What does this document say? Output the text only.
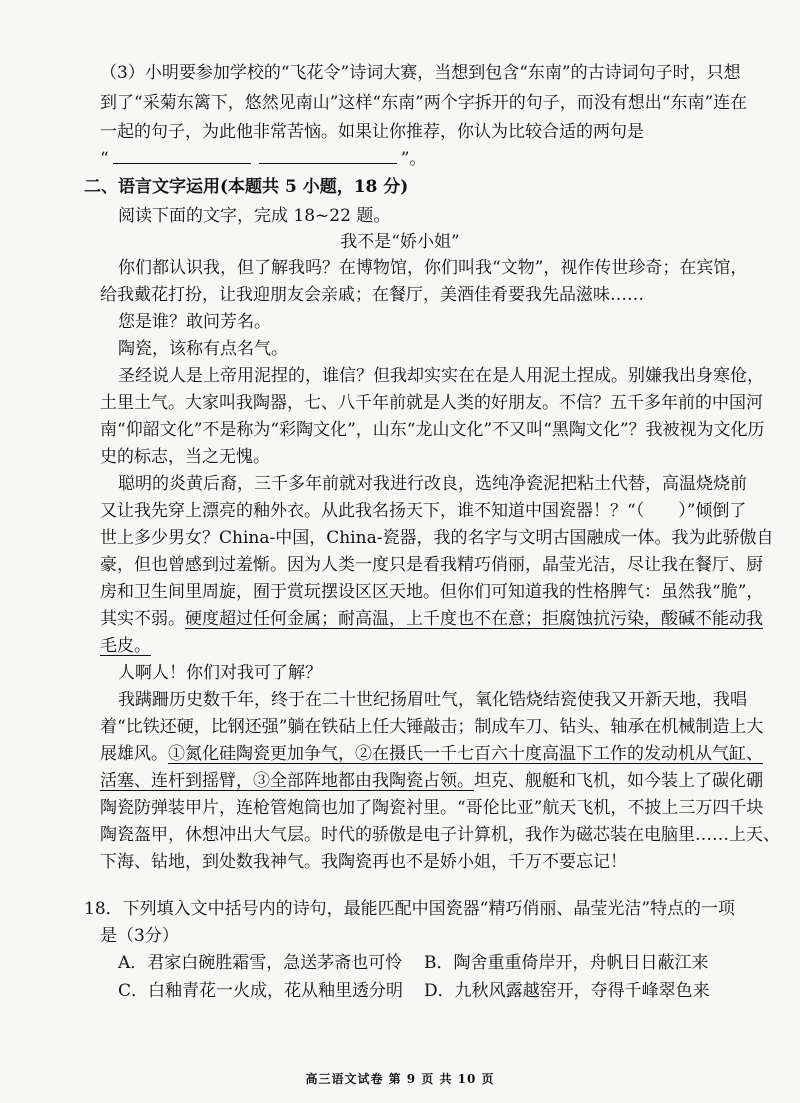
（3）小明要参加学校的“飞花令”诗词大赛，当想到包含“东南”的古诗词句子时，只想
到了“采菊东篱下，悠然见南山”这样“东南”两个字拆开的句子，而没有想出“东南”连在
一起的句子，为此他非常苦恼。如果让你推荐，你认为比较合适的两句是
“	”。
二、语言文字运用(本题共 5 小题，18 分)
阅读下面的文字，完成 18~22 题。
我不是“娇小姐”
你们都认识我，但了解我吗？在博物馆，你们叫我“文物”，视作传世珍奇；在宾馆，
给我戴花打扮，让我迎朋友会亲戚；在餐厅，美酒佳肴要我先品滋味……
您是谁？敢问芳名。
陶瓷，该称有点名气。
圣经说人是上帝用泥捏的，谁信？但我却实实在在是人用泥土捏成。别嫌我出身寒伧，
土里土气。大家叫我陶器，七、八千年前就是人类的好朋友。不信？五千多年前的中国河
南“仰韶文化”不是称为“彩陶文化”，山东“龙山文化”不又叫“黑陶文化”？我被视为文化历
史的标志，当之无愧。
聪明的炎黄后裔，三千多年前就对我进行改良，选纯净瓷泥把粘土代替，高温烧烧前
又让我先穿上漂亮的釉外衣。从此我名扬天下，谁不知道中国瓷器！？“（　　）”倾倒了
世上多少男女？China-中国，China-瓷器，我的名字与文明古国融成一体。我为此骄傲自
豪，但也曾感到过羞惭。因为人类一度只是看我精巧俏丽，晶莹光洁，尽让我在餐厅、厨
房和卫生间里周旋，囿于赏玩摆设区区天地。但你们可知道我的性格脾气：虽然我“脆”，
其实不弱。硬度超过任何金属；耐高温，上千度也不在意；拒腐蚀抗污染，酸碱不能动我
毛皮。
人啊人！你们对我可了解？
我蹒跚历史数千年，终于在二十世纪扬眉吐气，氧化锆烧结瓷使我又开新天地，我唱
着“比铁还硬，比钢还强”躺在铁砧上任大锤敲击；制成车刀、钻头、轴承在机械制造上大
展雄风。①氮化硅陶瓷更加争气，②在摄氏一千七百六十度高温下工作的发动机从气缸、
活塞、连杆到摇臂，③全部阵地都由我陶瓷占领。坦克、舰艇和飞机，如今装上了碳化硼
陶瓷防弹装甲片，连枪管炮筒也加了陶瓷衬里。“哥伦比亚”航天飞机，不披上三万四千块
陶瓷盔甲，休想冲出大气层。时代的骄傲是电子计算机，我作为磁芯装在电脑里……上天、
下海、钻地，到处数我神气。我陶瓷再也不是娇小姐，千万不要忘记！
18．下列填入文中括号内的诗句，最能匹配中国瓷器“精巧俏丽、晶莹光洁”特点的一项
是（3分）
A．君家白碗胜霜雪，急送茅斋也可怜 B．陶舍重重倚岸开，舟帆日日蔽江来
C．白釉青花一火成，花从釉里透分明 D．九秋风露越窑开，夺得千峰翠色来
高三语文试卷 第 9 页 共 10 页
